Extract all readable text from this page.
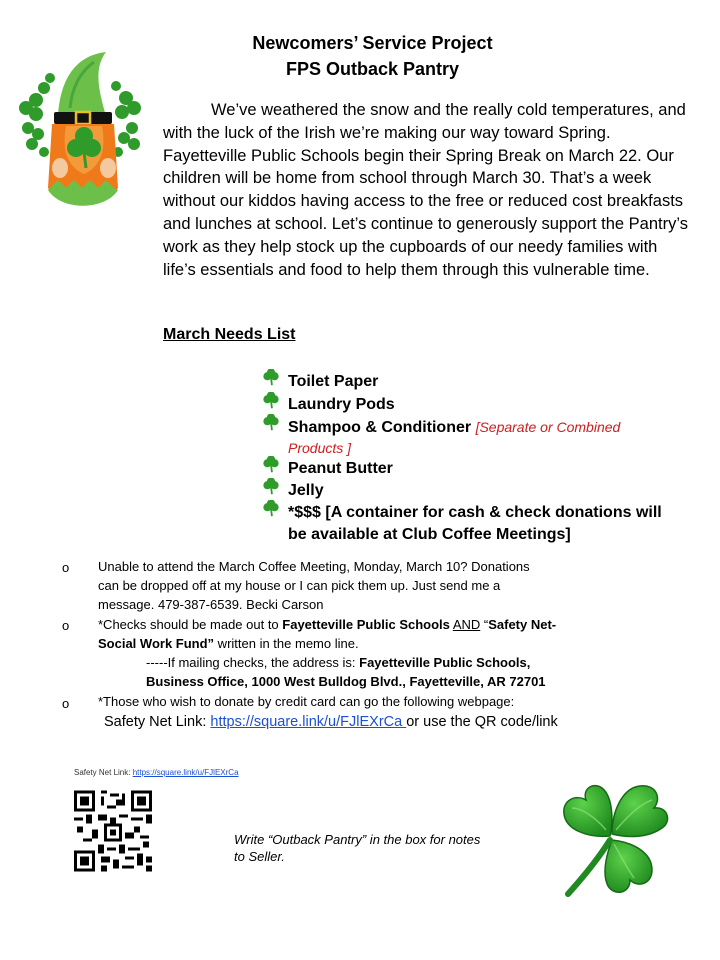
Newcomers’ Service Project
FPS Outback Pantry

We’ve weathered the snow and the really cold temperatures, and with the luck of the Irish we’re making our way toward Spring. Fayetteville Public Schools begin their Spring Break on March 22. Our children will be home from school through March 30. That’s a week without our kiddos having access to the free or reduced cost breakfasts and lunches at school. Let’s continue to generously support the Pantry’s work as they help stock up the cupboards of our needy families with life’s essentials and food to help them through this vulnerable time.

March Needs List
Toilet Paper
Laundry Pods
Shampoo & Conditioner [Separate or Combined
Products ]
Peanut Butter
Jelly
*$$$ [A container for cash & check donations will
be available at Club Coffee Meetings]
o Unable to attend the March Coffee Meeting, Monday, March 10? Donations
can be dropped off at my house or I can pick them up. Just send me a
message. 479-387-6539. Becki Carson
o *Checks should be made out to Fayetteville Public Schools AND “Safety Net-
Social Work Fund” written in the memo line.
-----If mailing checks, the address is: Fayetteville Public Schools,
Business Office, 1000 West Bulldog Blvd., Fayetteville, AR 72701
o *Those who wish to donate by credit card can go the following webpage:
Safety Net Link: https://square.link/u/FJlEXrCa or use the QR code/link
Safety Net Link: https://square.link/u/FJlEXrCa
Write “Outback Pantry” in the box for notes
to Seller.
